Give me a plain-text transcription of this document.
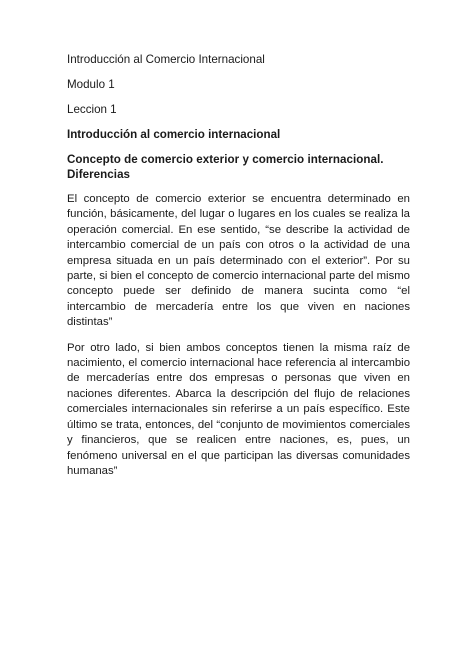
Introducción al Comercio Internacional

Modulo 1

Leccion 1

Introducción al comercio internacional

Concepto de comercio exterior y comercio internacional. Diferencias

El concepto de comercio exterior se encuentra determinado en función, básicamente, del lugar o lugares en los cuales se realiza la operación comercial. En ese sentido, “se describe la actividad de intercambio comercial de un país con otros o la actividad de una empresa situada en un país determinado con el exterior”. Por su parte, si bien el concepto de comercio internacional parte del mismo concepto puede ser definido de manera sucinta como “el intercambio de mercadería entre los que viven en naciones distintas”

Por otro lado, si bien ambos conceptos tienen la misma raíz de nacimiento, el comercio internacional hace referencia al intercambio de mercaderías entre dos empresas o personas que viven en naciones diferentes. Abarca la descripción del flujo de relaciones comerciales internacionales sin referirse a un país específico. Este último se trata, entonces, del “conjunto de movimientos comerciales y financieros, que se realicen entre naciones, es, pues, un fenómeno universal en el que participan las diversas comunidades humanas”
